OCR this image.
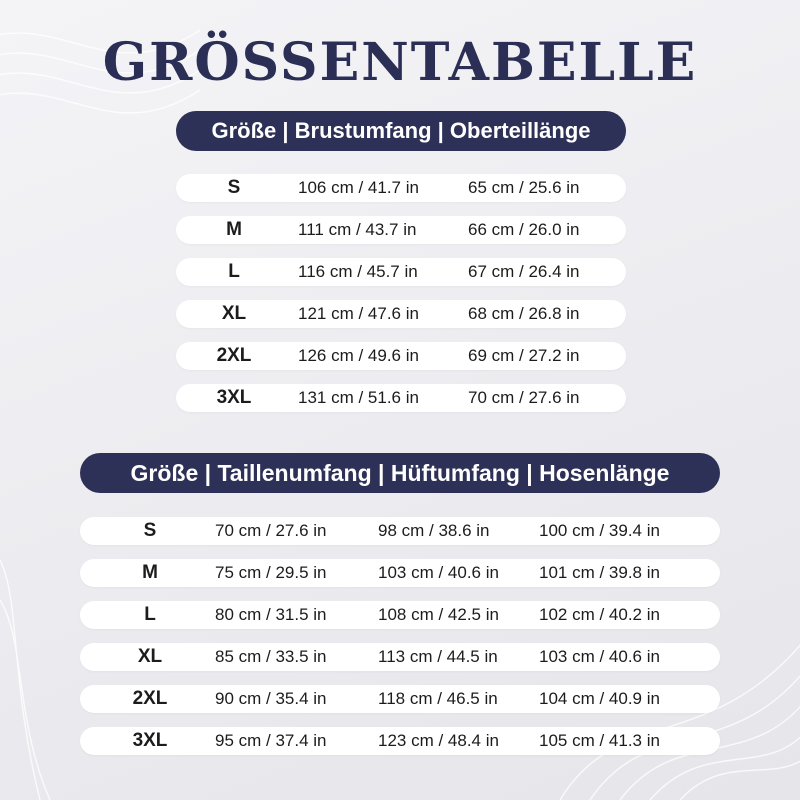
GRÖSSENTABELLE
Größe | Brustumfang | Oberteillänge
S	106 cm / 41.7 in	65 cm / 25.6 in
M	111 cm / 43.7 in	66 cm / 26.0 in
L	116 cm / 45.7 in	67 cm / 26.4 in
XL	121 cm / 47.6 in	68 cm / 26.8 in
2XL	126 cm / 49.6 in	69 cm / 27.2 in
3XL	131 cm / 51.6 in	70 cm / 27.6 in
Größe | Taillenumfang | Hüftumfang | Hosenlänge
S	70 cm / 27.6 in	98 cm / 38.6 in	100 cm / 39.4 in
M	75 cm / 29.5 in	103 cm / 40.6 in 101 cm / 39.8 in
L	80 cm / 31.5 in	108 cm / 42.5 in 102 cm / 40.2 in
XL	85 cm / 33.5 in	113 cm / 44.5 in 103 cm / 40.6 in
2XL	90 cm / 35.4 in	118 cm / 46.5 in 104 cm / 40.9 in
3XL	95 cm / 37.4 in	123 cm / 48.4 in 105 cm / 41.3 in
